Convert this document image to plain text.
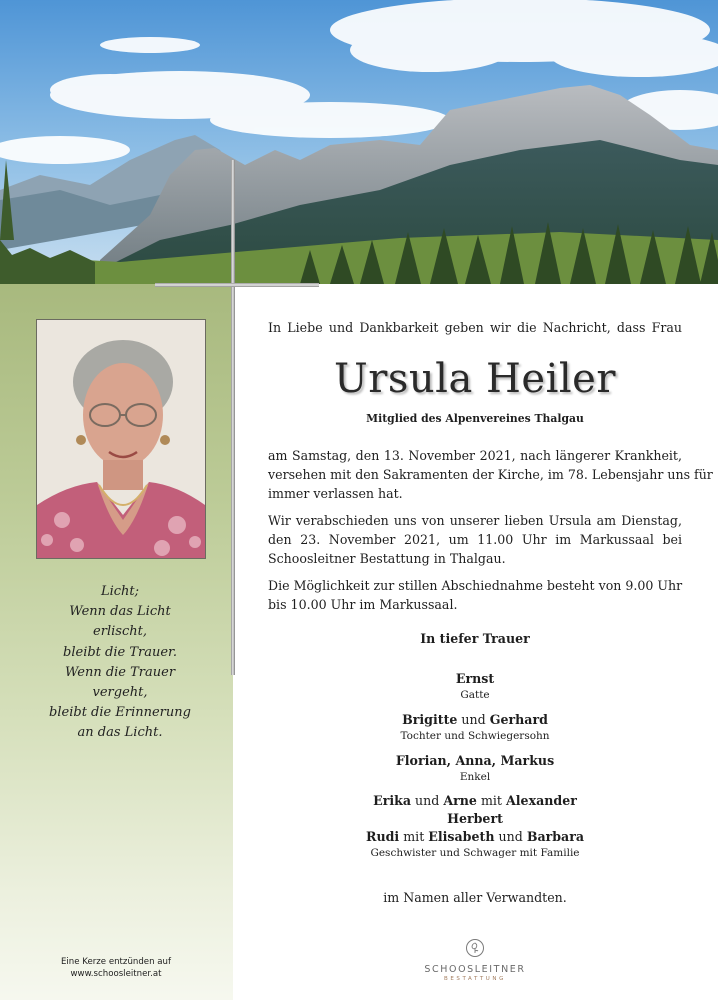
Licht;
Wenn das Licht
erlischt,
bleibt die Trauer.
Wenn die Trauer
vergeht,
bleibt die Erinnerung
an das Licht.
Eine Kerze entzünden auf
www.schoosleitner.at
In Liebe und Dankbarkeit geben wir die Nachricht, dass Frau
Ursula Heiler
Mitglied des Alpenvereines Thalgau
am Samstag, den 13. November 2021, nach längerer Krankheit,
versehen mit den Sakramenten der Kirche, im 78. Lebensjahr uns für
immer verlassen hat.
Wir verabschieden uns von unserer lieben Ursula am Dienstag,
den 23. November 2021, um 11.00 Uhr im Markussaal bei
Schoosleitner Bestattung in Thalgau.
Die Möglichkeit zur stillen Abschiednahme besteht von 9.00 Uhr
bis 10.00 Uhr im Markussaal.
In tiefer Trauer
Ernst
Gatte
Brigitte und Gerhard
Tochter und Schwiegersohn
Florian, Anna, Markus
Enkel
Erika und Arne mit Alexander
Herbert
Rudi mit Elisabeth und Barbara
Geschwister und Schwager mit Familie
im Namen aller Verwandten.
SCHOOSLEITNER
BESTATTUNG
